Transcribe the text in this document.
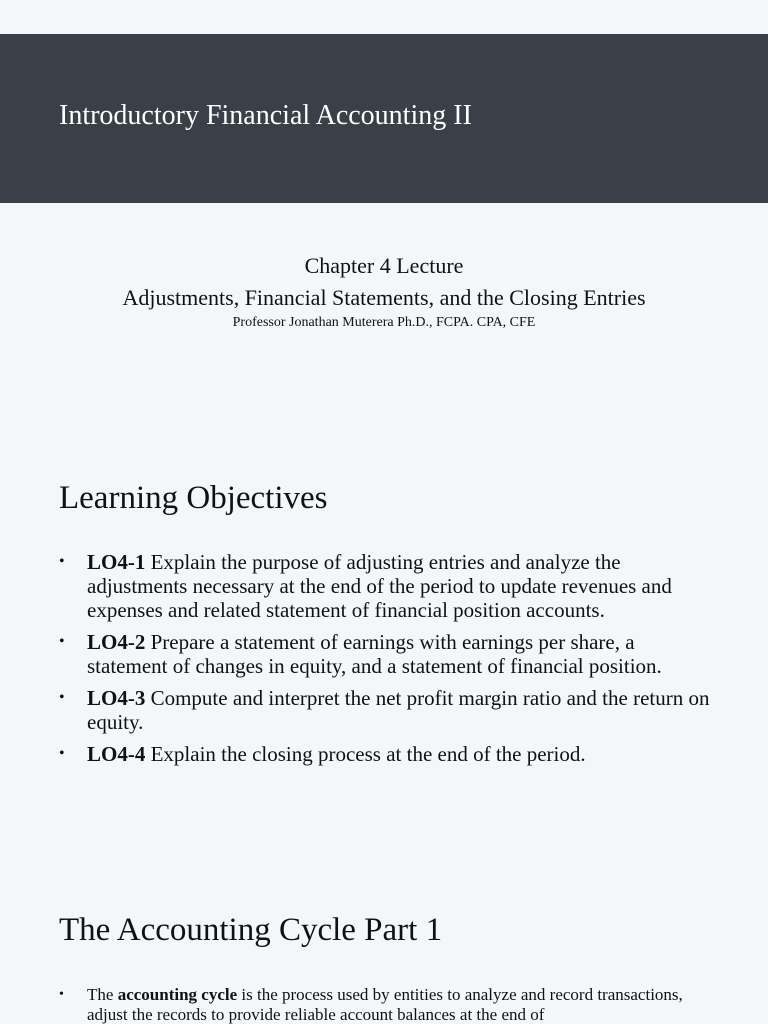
Introductory Financial Accounting II
Chapter 4 Lecture
Adjustments, Financial Statements, and the Closing Entries
Professor Jonathan Muterera Ph.D., FCPA. CPA, CFE
Learning Objectives
• LO4-1 Explain the purpose of adjusting entries and analyze the adjustments necessary at the end of the period to update revenues and expenses and related statement of financial position accounts.
• LO4-2 Prepare a statement of earnings with earnings per share, a statement of changes in equity, and a statement of financial position.
• LO4-3 Compute and interpret the net profit margin ratio and the return on equity.
• LO4-4 Explain the closing process at the end of the period.
The Accounting Cycle Part 1
• The accounting cycle is the process used by entities to analyze and record transactions, adjust the records to provide reliable account balances at the end of
